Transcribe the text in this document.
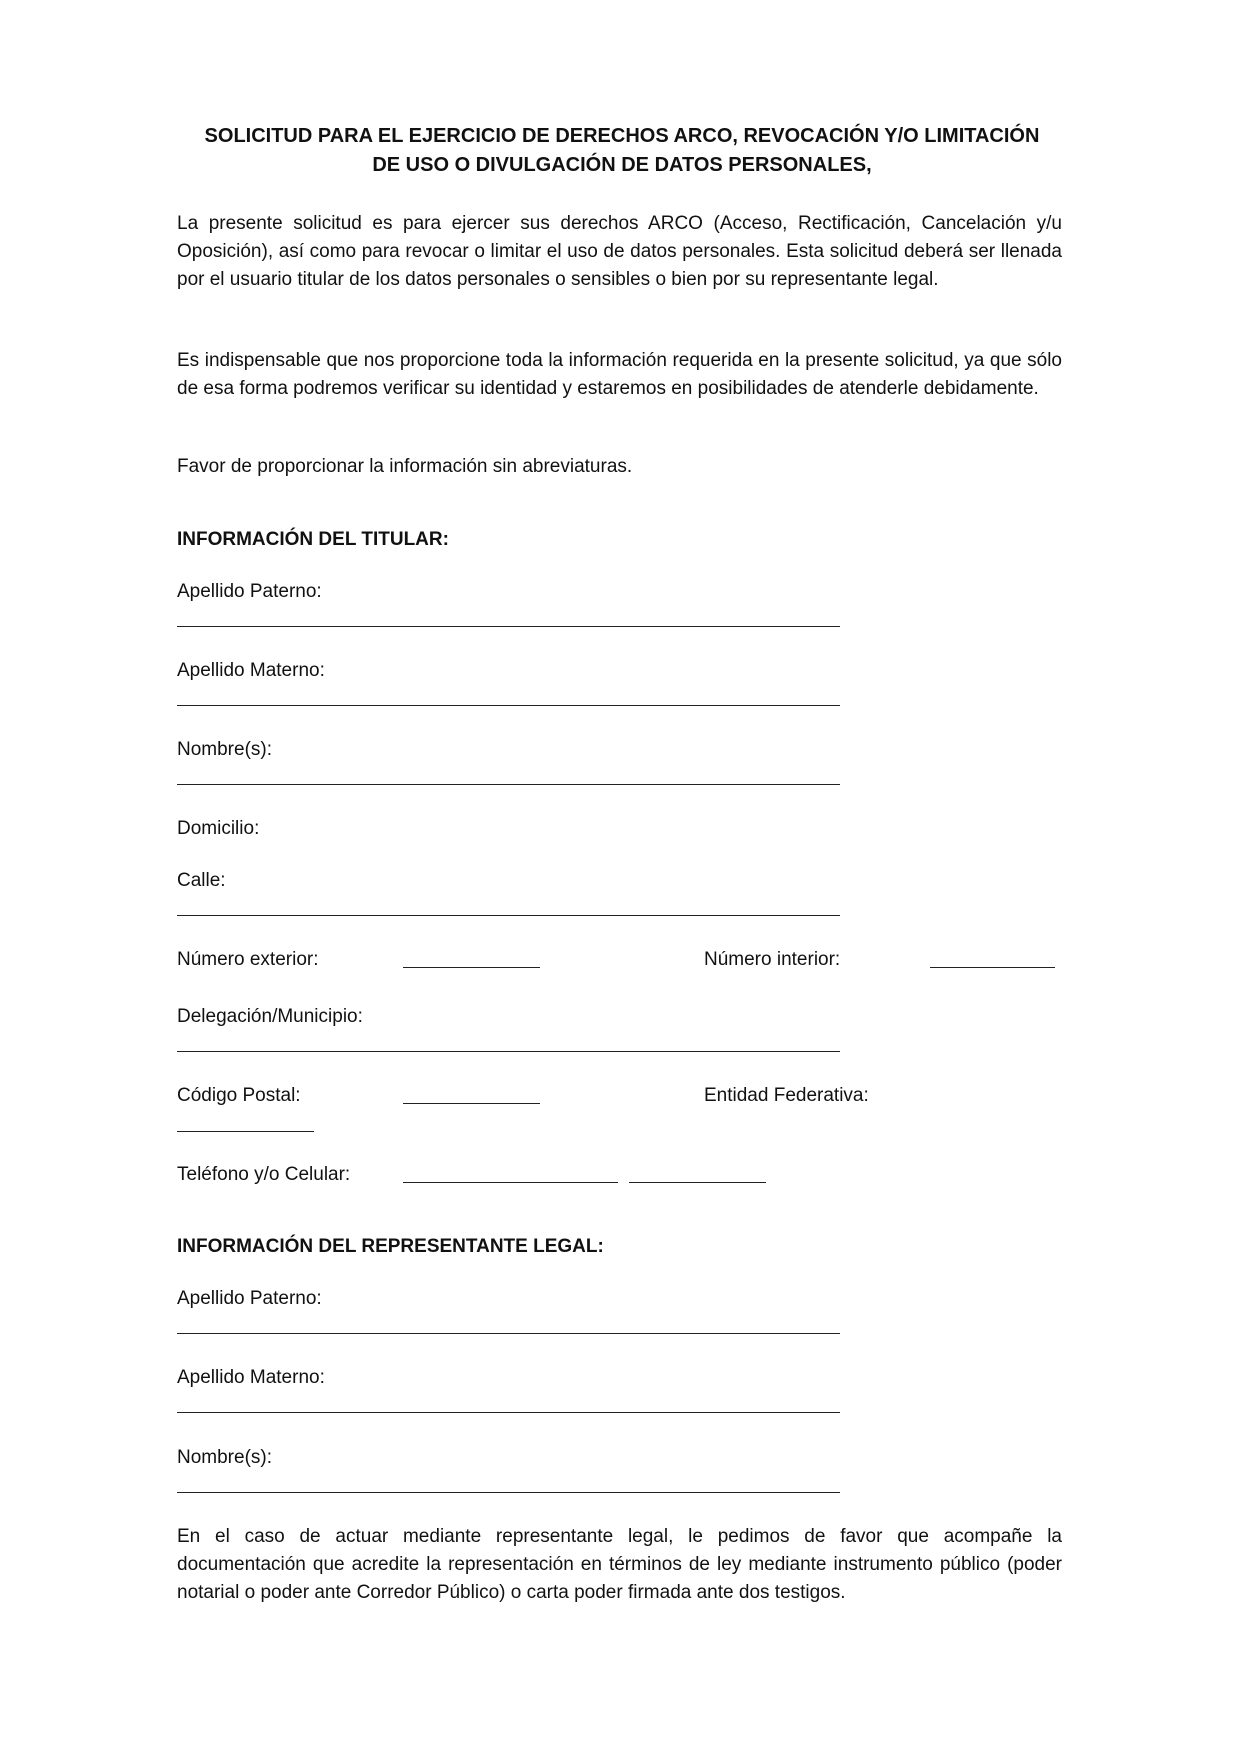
SOLICITUD PARA EL EJERCICIO DE DERECHOS ARCO, REVOCACIÓN Y/O LIMITACIÓN
DE USO O DIVULGACIÓN DE DATOS PERSONALES,
La presente solicitud es para ejercer sus derechos ARCO (Acceso, Rectificación, Cancelación y/u Oposición), así como para revocar o limitar el uso de datos personales. Esta solicitud deberá ser llenada por el usuario titular de los datos personales o sensibles o bien por su representante legal.
Es indispensable que nos proporcione toda la información requerida en la presente solicitud, ya que sólo de esa forma podremos verificar su identidad y estaremos en posibilidades de atenderle debidamente.
Favor de proporcionar la información sin abreviaturas.
INFORMACIÓN DEL TITULAR:
Apellido Paterno:
Apellido Materno:
Nombre(s):
Domicilio:
Calle:
Número exterior:	Número interior:
Delegación/Municipio:
Código Postal:	Entidad Federativa:
Teléfono y/o Celular:
INFORMACIÓN DEL REPRESENTANTE LEGAL:
Apellido Paterno:
Apellido Materno:
Nombre(s):
En el caso de actuar mediante representante legal, le pedimos de favor que acompañe la documentación que acredite la representación en términos de ley mediante instrumento público (poder notarial o poder ante Corredor Público) o carta poder firmada ante dos testigos.
